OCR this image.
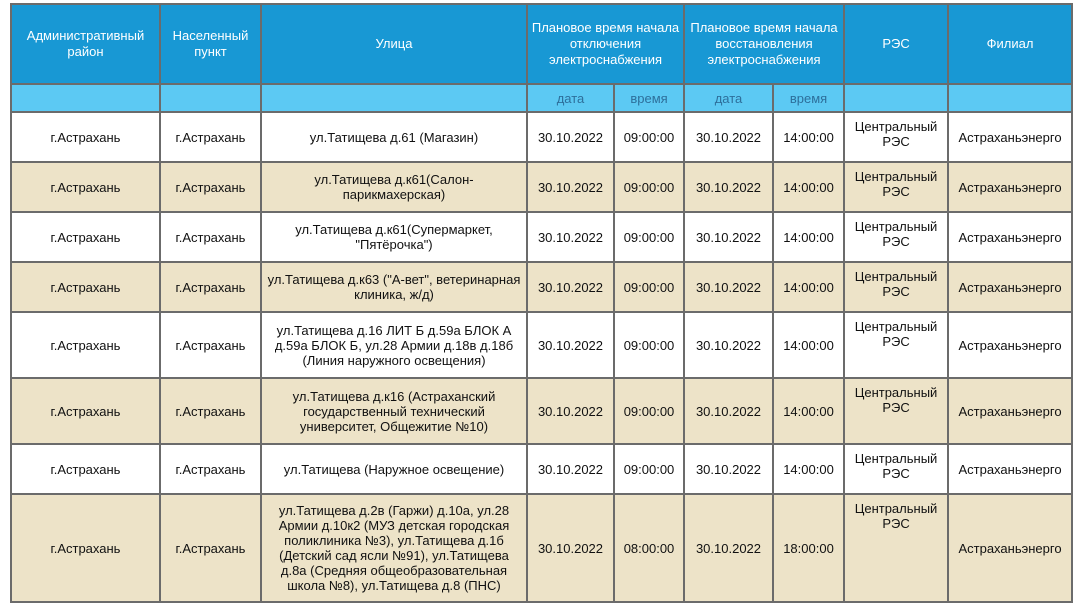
Административный район	Населенный пункт	Улица	Плановое время начала отключения электроснабжения		Плановое время начала восстановления электроснабжения		РЭС	Филиал
			дата	время	дата	время		
г.Астрахань	г.Астрахань	ул.Татищева д.61 (Магазин)	30.10.2022	09:00:00	30.10.2022	14:00:00	Центральный РЭС	Астраханьэнерго
г.Астрахань	г.Астрахань	ул.Татищева д.к61(Салон-парикмахерская)	30.10.2022	09:00:00	30.10.2022	14:00:00	Центральный РЭС	Астраханьэнерго
г.Астрахань	г.Астрахань	ул.Татищева д.к61(Супермаркет, "Пятёрочка")	30.10.2022	09:00:00	30.10.2022	14:00:00	Центральный РЭС	Астраханьэнерго
г.Астрахань	г.Астрахань	ул.Татищева д.к63 ("А-вет", ветеринарная клиника, ж/д)	30.10.2022	09:00:00	30.10.2022	14:00:00	Центральный РЭС	Астраханьэнерго
г.Астрахань	г.Астрахань	ул.Татищева д.16 ЛИТ Б д.59а БЛОК А д.59а БЛОК Б, ул.28 Армии д.18в д.18б (Линия наружного освещения)	30.10.2022	09:00:00	30.10.2022	14:00:00	Центральный РЭС	Астраханьэнерго
г.Астрахань	г.Астрахань	ул.Татищева д.к16 (Астраханский государственный технический университет, Общежитие №10)	30.10.2022	09:00:00	30.10.2022	14:00:00	Центральный РЭС	Астраханьэнерго
г.Астрахань	г.Астрахань	ул.Татищева (Наружное освещение)	30.10.2022	09:00:00	30.10.2022	14:00:00	Центральный РЭС	Астраханьэнерго
г.Астрахань	г.Астрахань	ул.Татищева д.2в (Гаржи) д.10а, ул.28 Армии д.10к2 (МУЗ детская городская поликлиника №3), ул.Татищева д.1б (Детский сад ясли №91), ул.Татищева д.8а (Средняя общеобразовательная школа №8), ул.Татищева д.8 (ПНС)	30.10.2022	08:00:00	30.10.2022	18:00:00	Центральный РЭС	Астраханьэнерго
